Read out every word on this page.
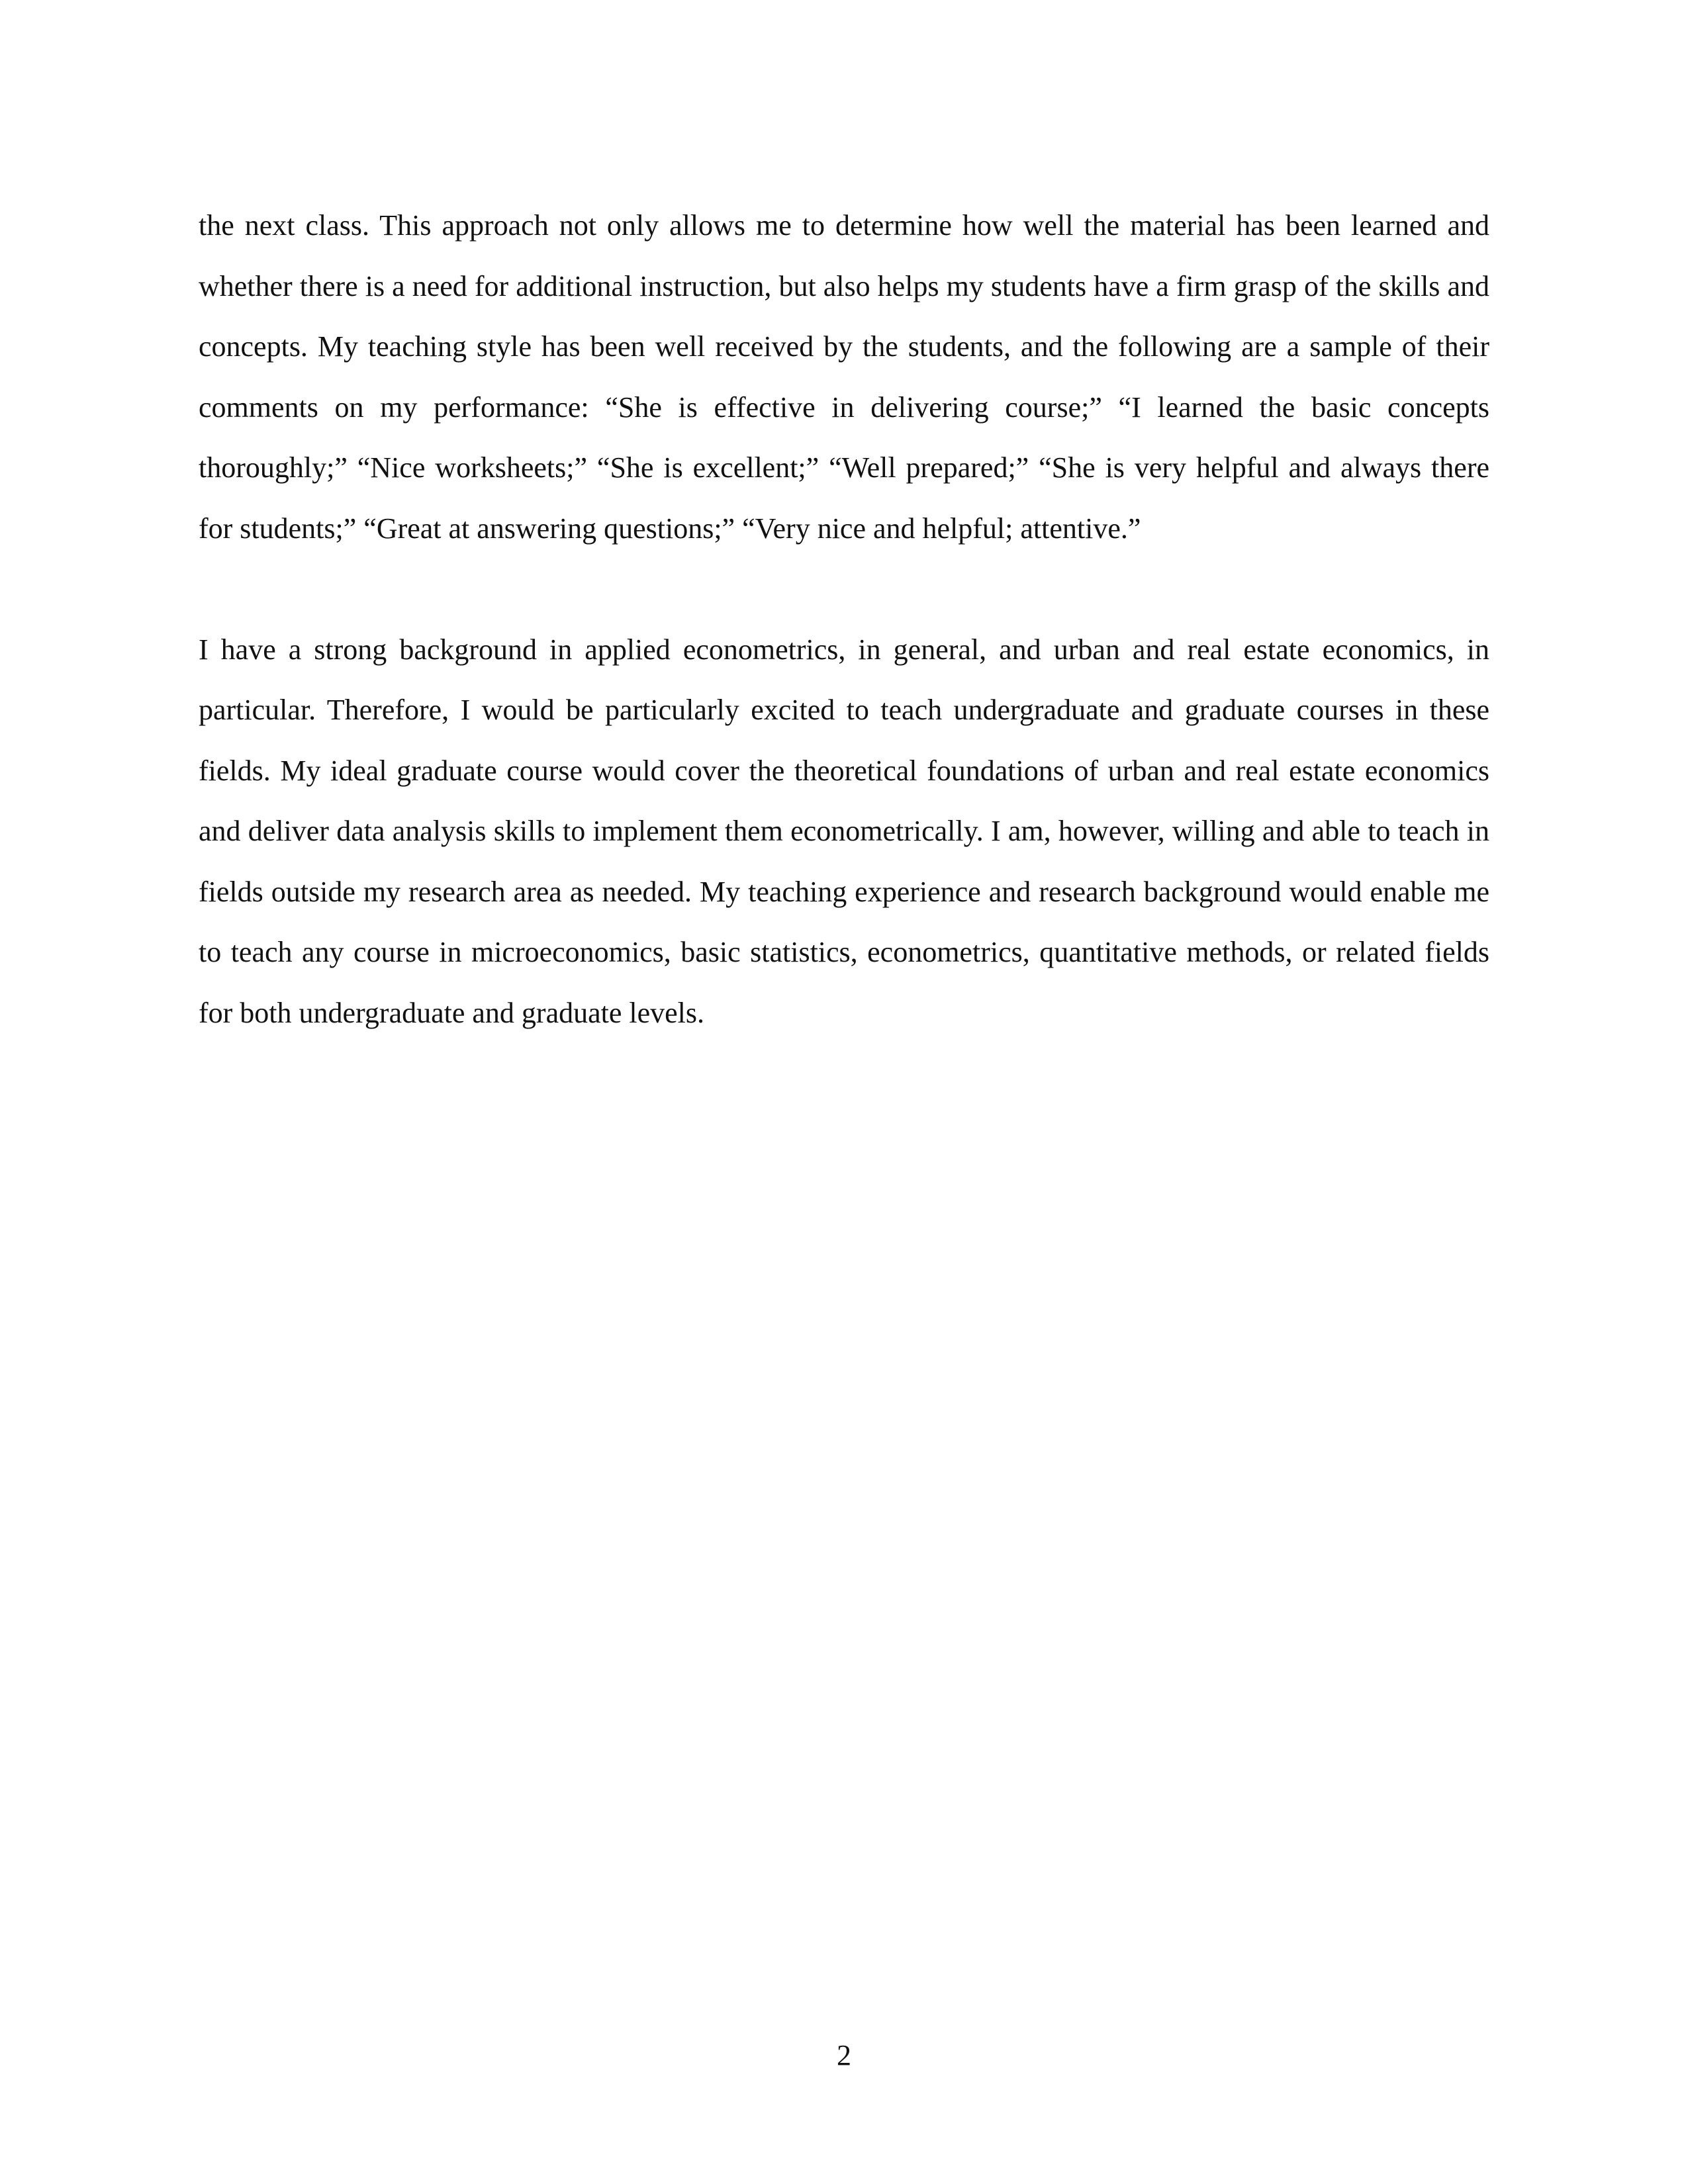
the next class. This approach not only allows me to determine how well the material has been learned and whether there is a need for additional instruction, but also helps my students have a firm grasp of the skills and concepts. My teaching style has been well received by the students, and the following are a sample of their comments on my performance: “She is effective in delivering course;” “I learned the basic concepts thoroughly;” “Nice worksheets;” “She is excellent;” “Well prepared;” “She is very helpful and always there for students;” “Great at answering questions;” “Very nice and helpful; attentive.”

I have a strong background in applied econometrics, in general, and urban and real estate economics, in particular. Therefore, I would be particularly excited to teach undergraduate and graduate courses in these fields. My ideal graduate course would cover the theoretical foundations of urban and real estate economics and deliver data analysis skills to implement them econometrically. I am, however, willing and able to teach in fields outside my research area as needed. My teaching experience and research background would enable me to teach any course in microeconomics, basic statistics, econometrics, quantitative methods, or related fields for both undergraduate and graduate levels.

2
